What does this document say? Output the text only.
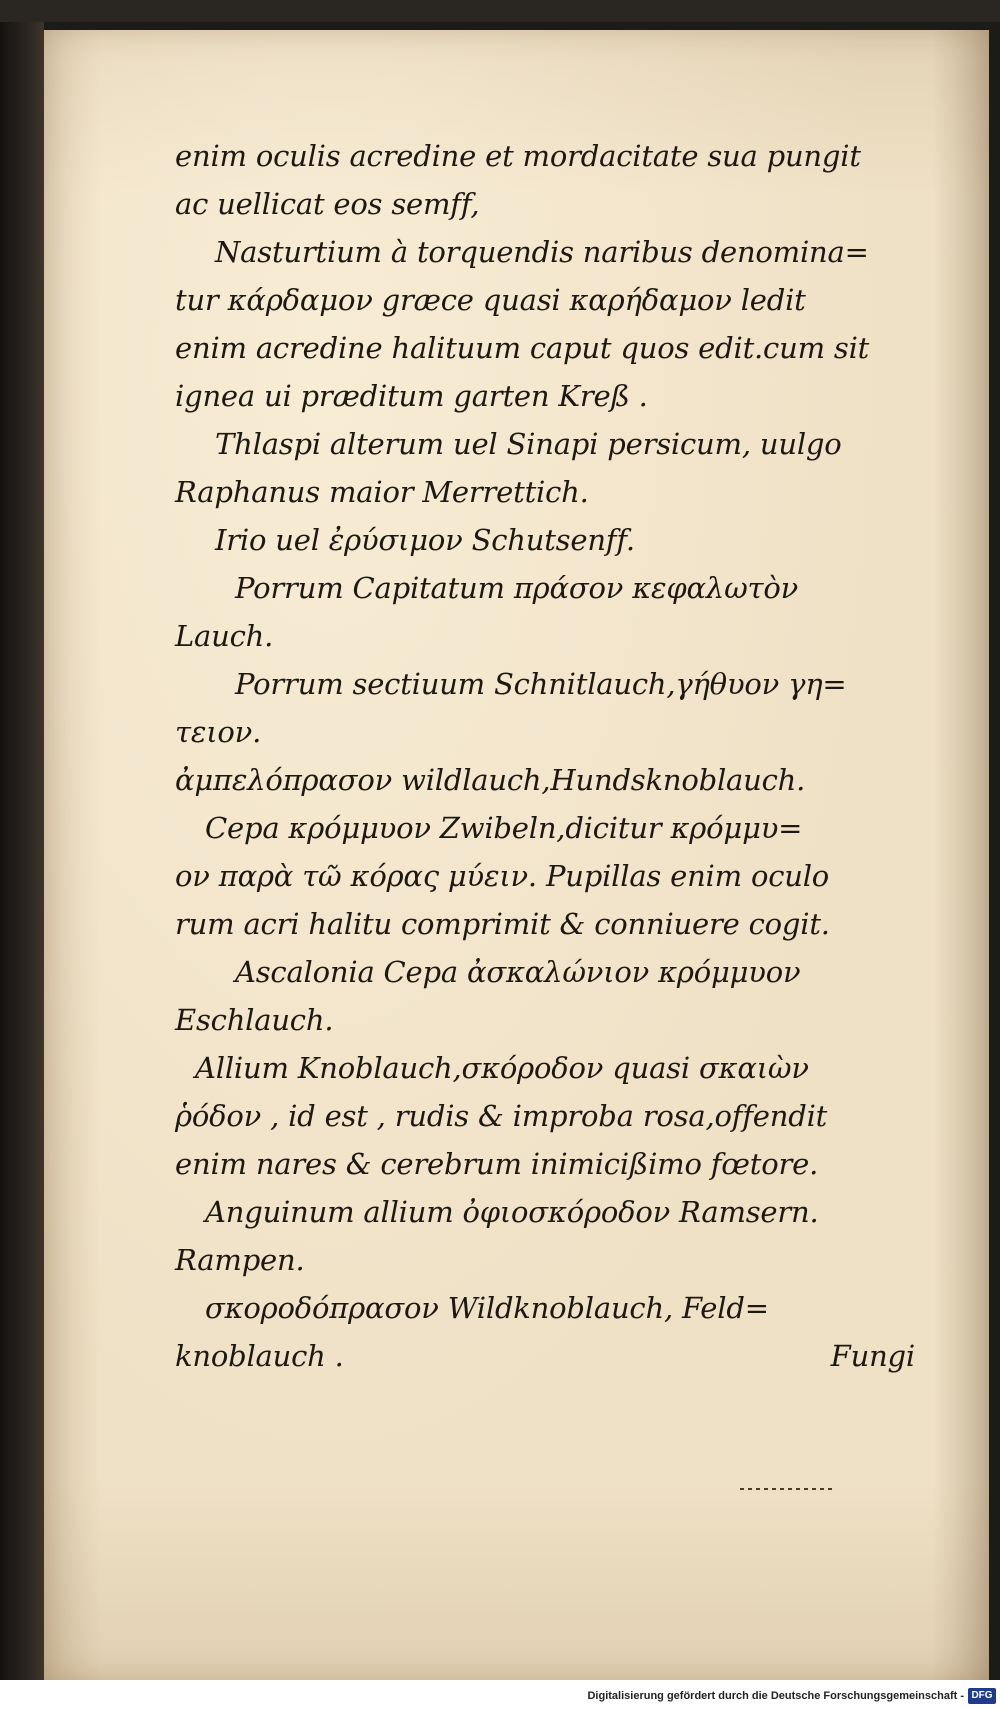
enim oculis acredine et mordacitate sua pungit
ac uellicat eos semff,
Nasturtium à torquendis naribus denomina=
tur κάρδαμον græce quasi καρήδαμον ledit
enim acredine halituum caput quos edit.cum sit
ignea ui præditum garten Kreß .
Thlaspi alterum uel Sinapi persicum, uulgo
Raphanus maior Merrettich.
Irio uel ἐρύσιμον Schutsenff.
Porrum Capitatum πράσον κεφαλωτὸν
Lauch.
Porrum sectiuum Schnitlauch,γήθυον γη=
τειον.
ἀμπελόπρασον wildlauch,Hundsknoblauch.
Cepa κρόμμυον Zwibeln,dicitur κρόμμυ=
ον παρὰ τῶ κόρας μύειν. Pupillas enim oculo
rum acri halitu comprimit & conniuere cogit.
Ascalonia Cepa ἀσκαλώνιον κρόμμυον
Eschlauch.
Allium Knoblauch,σκόροδον quasi σκαιὼν
ῥόδον , id est , rudis & improba rosa,offendit
enim nares & cerebrum inimicißimo fœtore.
Anguinum allium ὀφιοσκόροδον Ramsern.
Rampen.
σκοροδόπρασον Wildknoblauch, Feld=
knoblauch .	Fungi
Digitalisierung gefördert durch die Deutsche Forschungsgemeinschaft - DFG
